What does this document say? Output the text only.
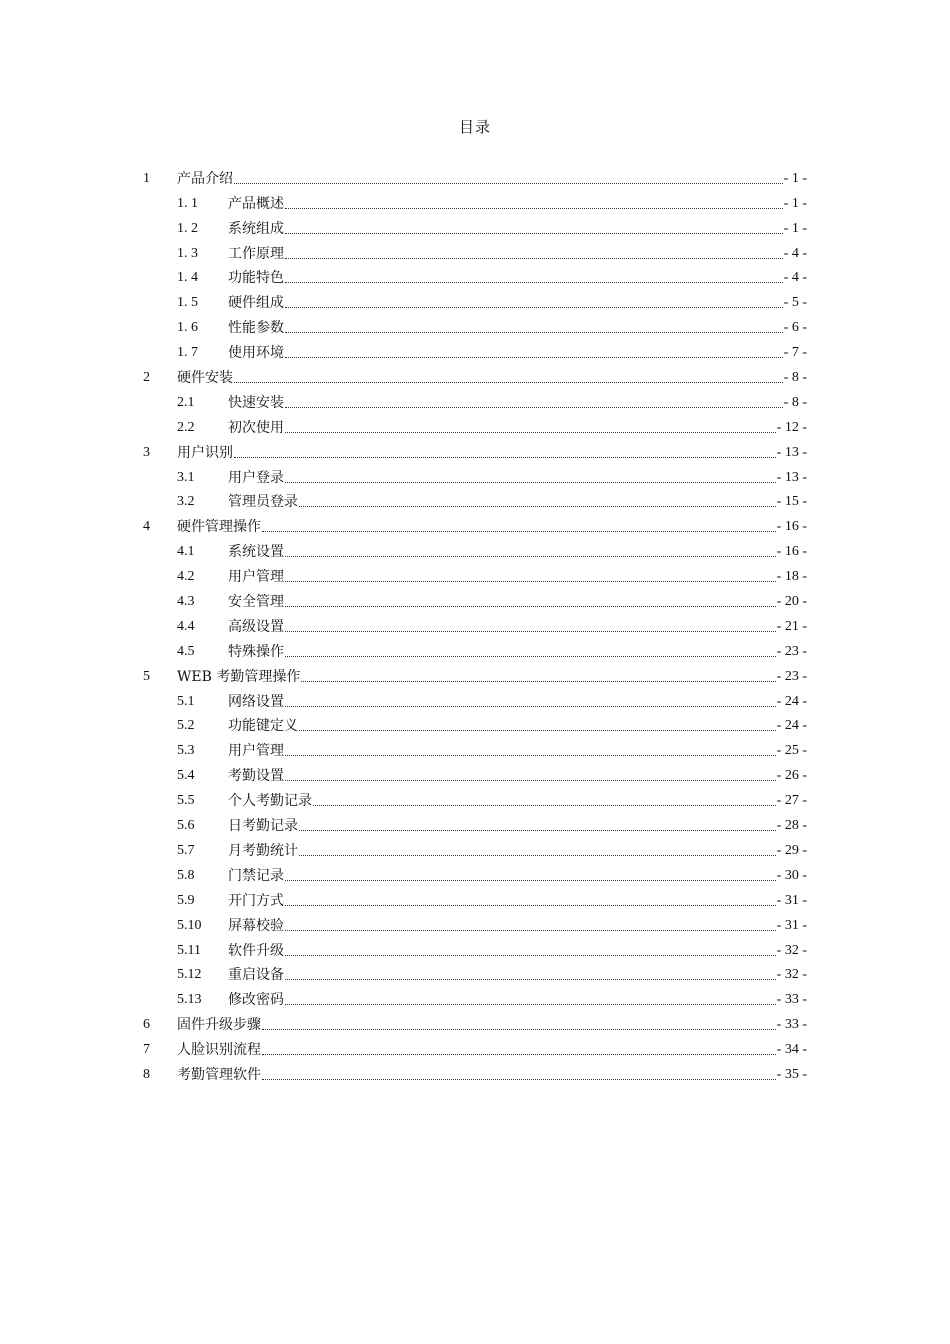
目录
1	产品介绍	- 1 -
1. 1	产品概述	- 1 -
1. 2	系统组成	- 1 -
1. 3	工作原理	- 4 -
1. 4	功能特色	- 4 -
1. 5	硬件组成	- 5 -
1. 6	性能参数	- 6 -
1. 7	使用环境	- 7 -
2	硬件安装	- 8 -
2.1	快速安装	- 8 -
2.2	初次使用	- 12 -
3	用户识别	- 13 -
3.1	用户登录	- 13 -
3.2	管理员登录	- 15 -
4	硬件管理操作	- 16 -
4.1	系统设置	- 16 -
4.2	用户管理	- 18 -
4.3	安全管理	- 20 -
4.4	高级设置	- 21 -
4.5	特殊操作	- 23 -
5	WEB 考勤管理操作	- 23 -
5.1	网络设置	- 24 -
5.2	功能键定义	- 24 -
5.3	用户管理	- 25 -
5.4	考勤设置	- 26 -
5.5	个人考勤记录	- 27 -
5.6	日考勤记录	- 28 -
5.7	月考勤统计	- 29 -
5.8	门禁记录	- 30 -
5.9	开门方式	- 31 -
5.10	屏幕校验	- 31 -
5.11	软件升级	- 32 -
5.12	重启设备	- 32 -
5.13	修改密码	- 33 -
6	固件升级步骤	- 33 -
7	人脸识别流程	- 34 -
8	考勤管理软件	- 35 -
